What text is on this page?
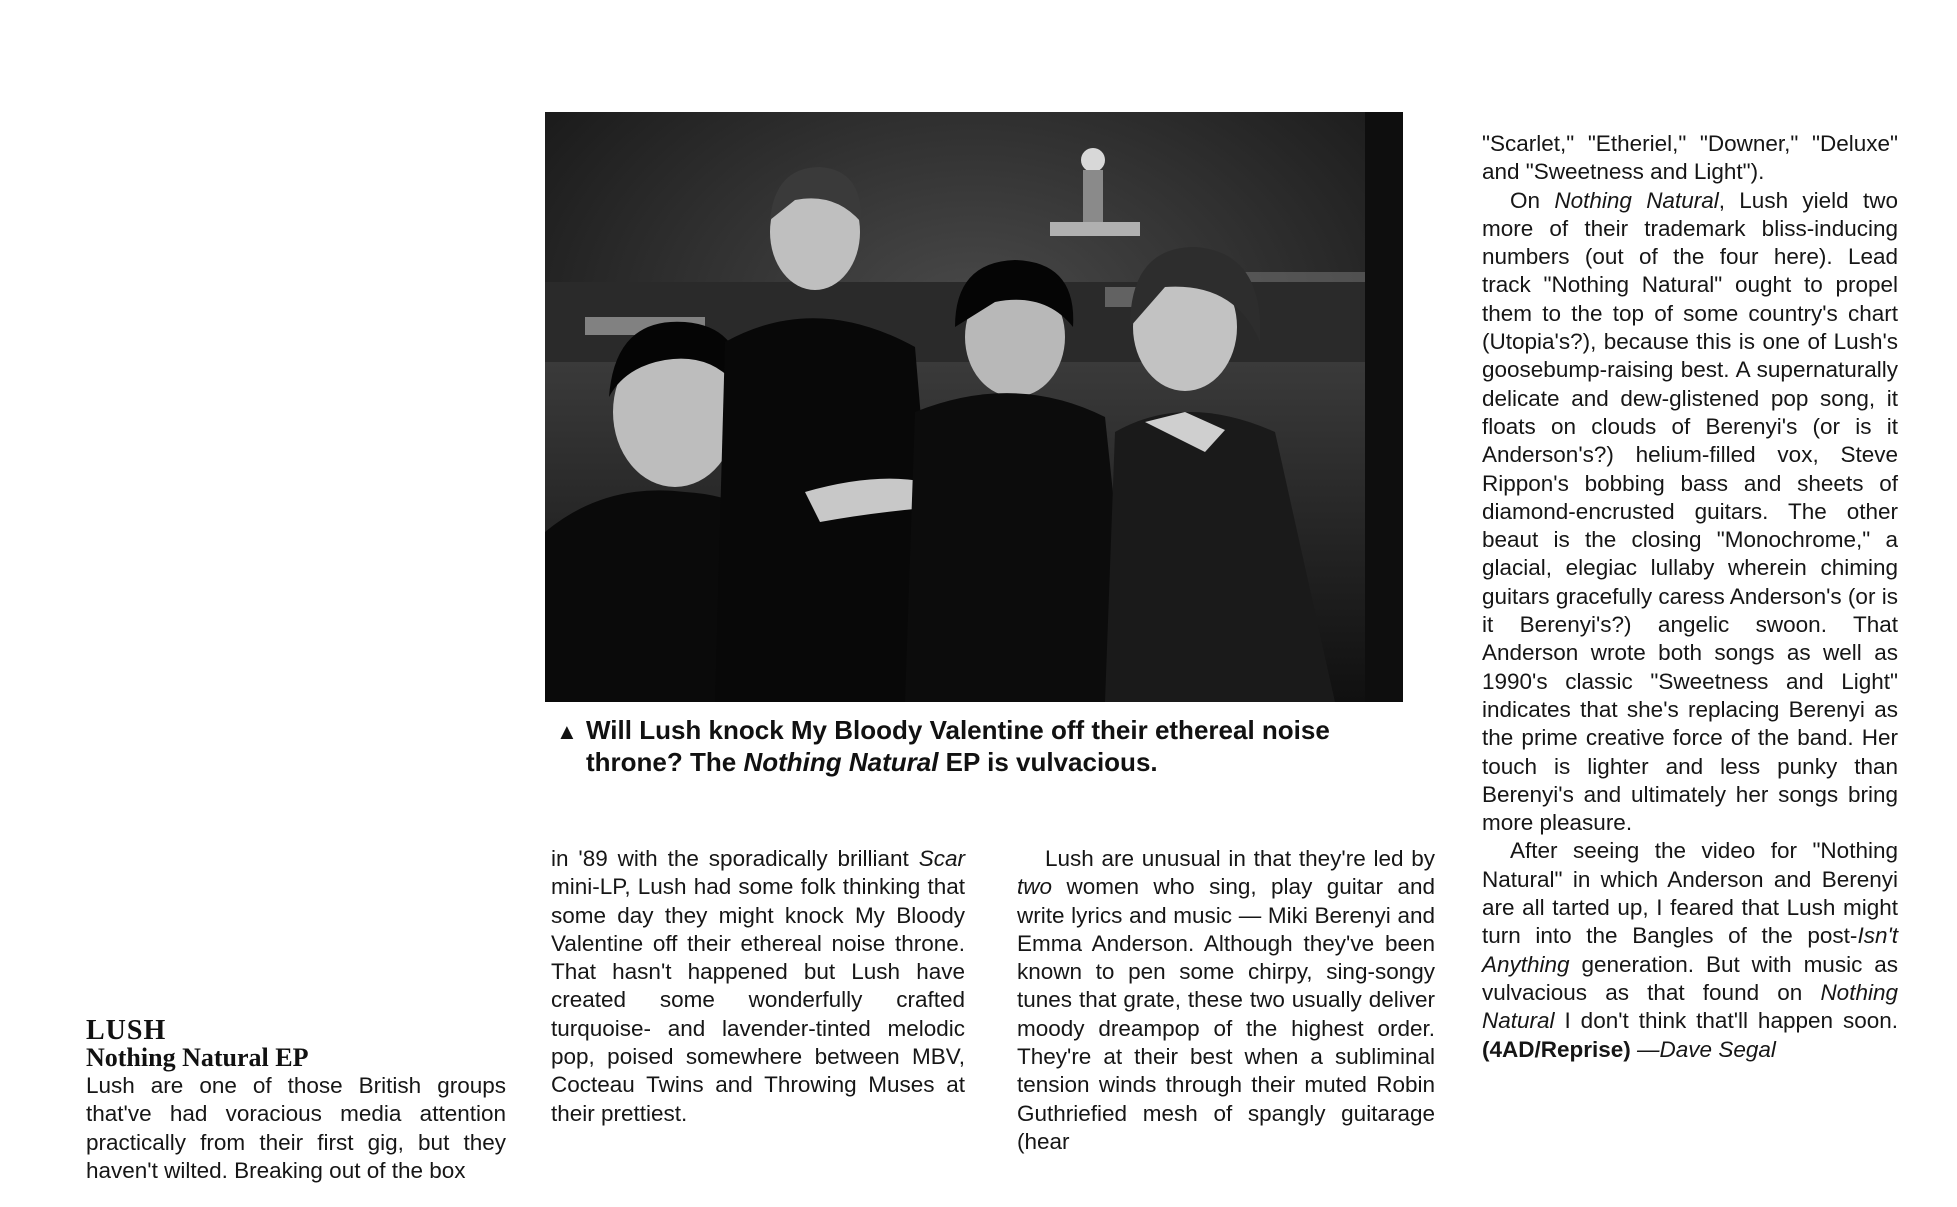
▲ Will Lush knock My Bloody Valentine off their ethereal noise
throne? The Nothing Natural EP is vulvacious.
LUSH
Nothing Natural EP

Lush are one of those British groups that've had voracious media attention practically from their first gig, but they haven't wilted. Breaking out of the box

in '89 with the sporadically brilliant Scar mini-LP, Lush had some folk thinking that some day they might knock My Bloody Valentine off their ethereal noise throne. That hasn't happened but Lush have created some wonderfully crafted turquoise- and lavender-tinted melodic pop, poised somewhere between MBV, Cocteau Twins and Throwing Muses at their prettiest.

Lush are unusual in that they're led by two women who sing, play guitar and write lyrics and music — Miki Berenyi and Emma Anderson. Although they've been known to pen some chirpy, sing-songy tunes that grate, these two usually deliver moody dreampop of the highest order. They're at their best when a subliminal tension winds through their muted Robin Guthriefied mesh of spangly guitarage (hear

"Scarlet," "Etheriel," "Downer," "Deluxe" and "Sweetness and Light").

On Nothing Natural, Lush yield two more of their trademark bliss-inducing numbers (out of the four here). Lead track "Nothing Natural" ought to propel them to the top of some country's chart (Utopia's?), because this is one of Lush's goosebump-raising best. A supernaturally delicate and dew-glistened pop song, it floats on clouds of Berenyi's (or is it Anderson's?) helium-filled vox, Steve Rippon's bobbing bass and sheets of diamond-encrusted guitars. The other beaut is the closing "Monochrome," a glacial, elegiac lullaby wherein chiming guitars gracefully caress Anderson's (or is it Berenyi's?) angelic swoon. That Anderson wrote both songs as well as 1990's classic "Sweetness and Light" indicates that she's replacing Berenyi as the prime creative force of the band. Her touch is lighter and less punky than Berenyi's and ultimately her songs bring more pleasure.

After seeing the video for "Nothing Natural" in which Anderson and Berenyi are all tarted up, I feared that Lush might turn into the Bangles of the post-Isn't Anything generation. But with music as vulvacious as that found on Nothing Natural I don't think that'll happen soon. (4AD/Reprise) —Dave Segal
